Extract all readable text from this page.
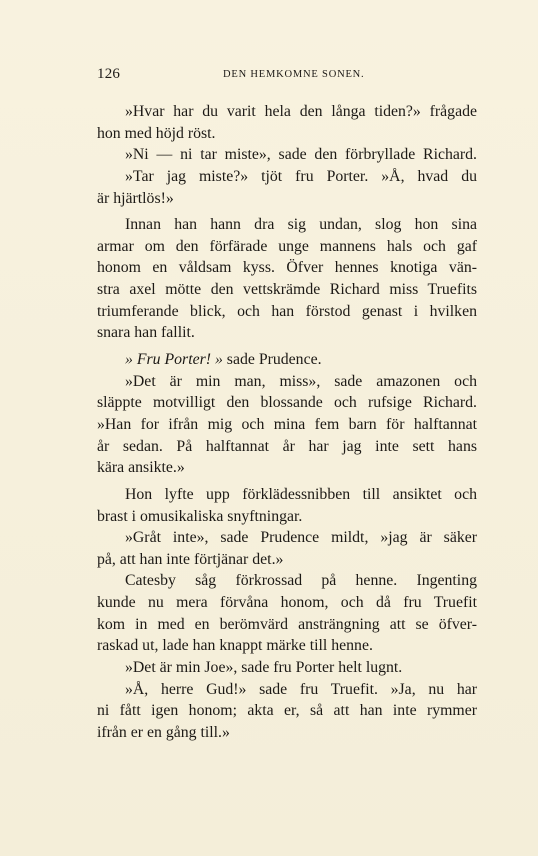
126	DEN HEMKOMNE SONEN.
»Hvar har du varit hela den långa tiden?» frågade
hon med höjd röst.
»Ni — ni tar miste», sade den förbryllade Richard.
»Tar jag miste?» tjöt fru Porter. »Å, hvad du
är hjärtlös!»
Innan han hann dra sig undan, slog hon sina
armar om den förfärade unge mannens hals och gaf
honom en våldsam kyss. Öfver hennes knotiga vän-
stra axel mötte den vettskrämde Richard miss Truefits
triumferande blick, och han förstod genast i hvilken
snara han fallit.
» Fru Porter! » sade Prudence.
»Det är min man, miss», sade amazonen och
släppte motvilligt den blossande och rufsige Richard.
»Han for ifrån mig och mina fem barn för halftannat
år sedan. På halftannat år har jag inte sett hans
kära ansikte.»
Hon lyfte upp förklädessnibben till ansiktet och
brast i omusikaliska snyftningar.
»Gråt inte», sade Prudence mildt, »jag är säker
på, att han inte förtjänar det.»
Catesby såg förkrossad på henne. Ingenting
kunde nu mera förvåna honom, och då fru Truefit
kom in med en berömvärd ansträngning att se öfver-
raskad ut, lade han knappt märke till henne.
»Det är min Joe», sade fru Porter helt lugnt.
»Å, herre Gud!» sade fru Truefit. »Ja, nu har
ni fått igen honom; akta er, så att han inte rymmer
ifrån er en gång till.»
